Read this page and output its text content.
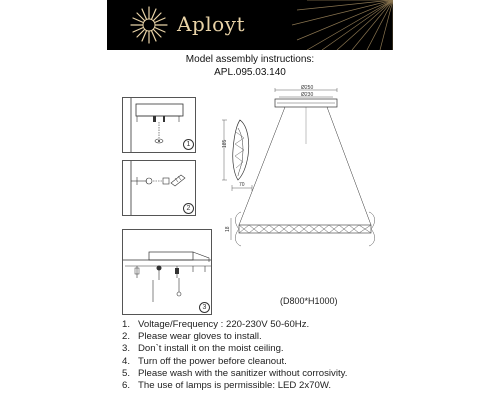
Aployt
Model assembly instructions:
APL.095.03.140
1
2
3
185
70
Ø250
Ø230
18
(D800*H1000)
1. Voltage/Frequency : 220-230V 50-60Hz.
2. Please wear gloves to install.
3. Don`t install it on the moist ceiling.
4. Turn off the power before cleanout.
5. Please wash with the sanitizer without corrosivity.
6. The use of lamps is permissible: LED 2x70W.
